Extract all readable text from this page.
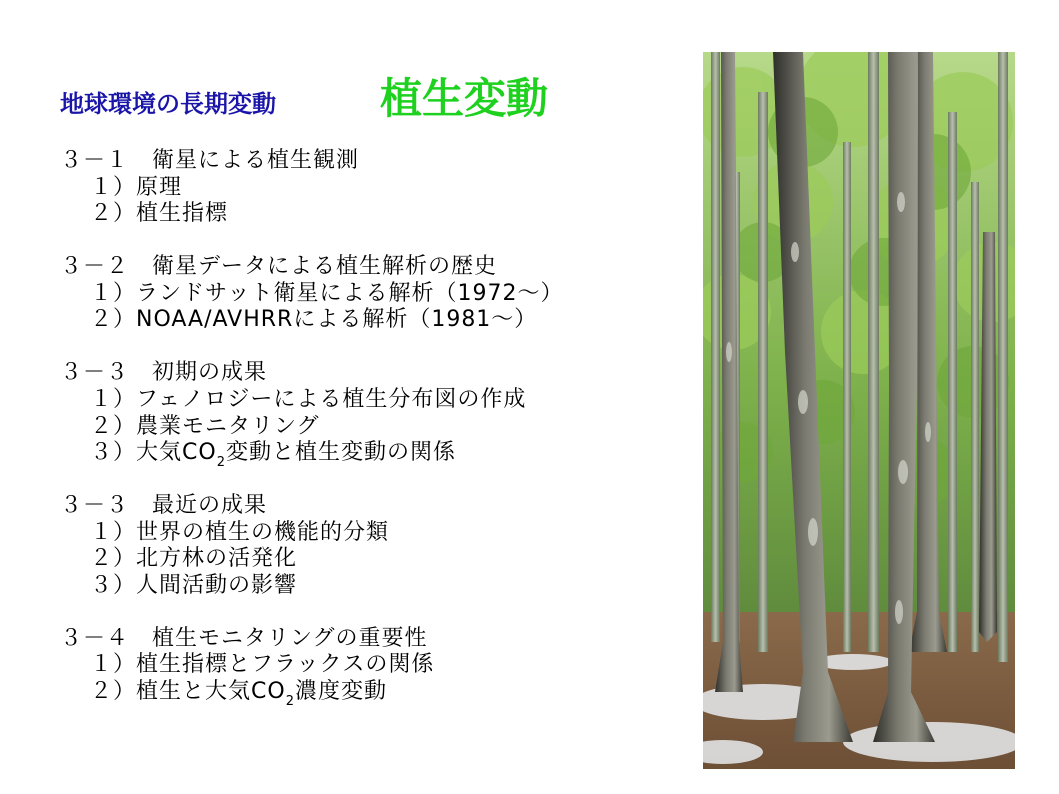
地球環境の長期変動 植生変動
３－１　衛星による植生観測
１）原理
２）植生指標
３－２　衛星データによる植生解析の歴史
１）ランドサット衛星による解析（1972～）
２）NOAA/AVHRRによる解析（1981～）
３－３　初期の成果
１）フェノロジーによる植生分布図の作成
２）農業モニタリング
３）大気$CO_2$変動と植生変動の関係
３－３　最近の成果
１）世界の植生の機能的分類
２）北方林の活発化
３）人間活動の影響
３－４　植生モニタリングの重要性
１）植生指標とフラックスの関係
２）植生と大気$CO_2$濃度変動
